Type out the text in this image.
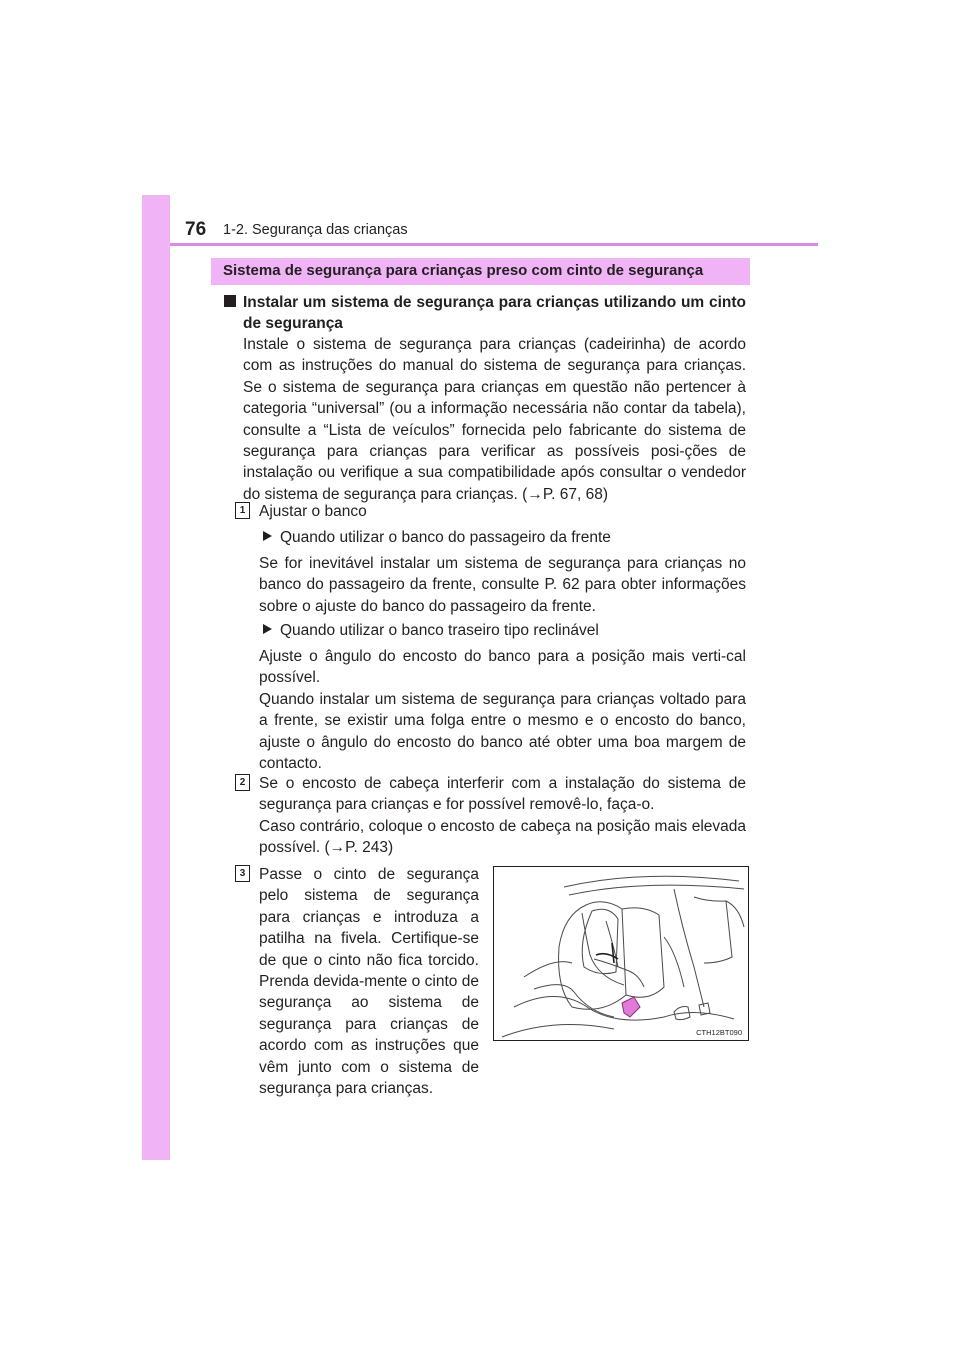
76 1-2. Segurança das crianças
Sistema de segurança para crianças preso com cinto de segurança
Instalar um sistema de segurança para crianças utilizando um cinto de segurança
Instale o sistema de segurança para crianças (cadeirinha) de acordo com as instruções do manual do sistema de segurança para crianças. Se o sistema de segurança para crianças em questão não pertencer à categoria “universal” (ou a informação necessária não contar da tabela), consulte a “Lista de veículos” fornecida pelo fabricante do sistema de segurança para crianças para verificar as possíveis posi-ções de instalação ou verifique a sua compatibilidade após consultar o vendedor do sistema de segurança para crianças. (→P. 67, 68)
1 Ajustar o banco
Quando utilizar o banco do passageiro da frente
Se for inevitável instalar um sistema de segurança para crianças no banco do passageiro da frente, consulte P. 62 para obter informações sobre o ajuste do banco do passageiro da frente.
Quando utilizar o banco traseiro tipo reclinável
Ajuste o ângulo do encosto do banco para a posição mais verti-cal possível.
Quando instalar um sistema de segurança para crianças voltado para a frente, se existir uma folga entre o mesmo e o encosto do banco, ajuste o ângulo do encosto do banco até obter uma boa margem de contacto.
2 Se o encosto de cabeça interferir com a instalação do sistema de segurança para crianças e for possível removê-lo, faça-o.
Caso contrário, coloque o encosto de cabeça na posição mais elevada possível. (→P. 243)
3 Passe o cinto de segurança pelo sistema de segurança para crianças e introduza a patilha na fivela. Certifique-se de que o cinto não fica torcido. Prenda devida-mente o cinto de segurança ao sistema de segurança para crianças de acordo com as instruções que vêm junto com o sistema de segurança para crianças.
CTH12BT090
